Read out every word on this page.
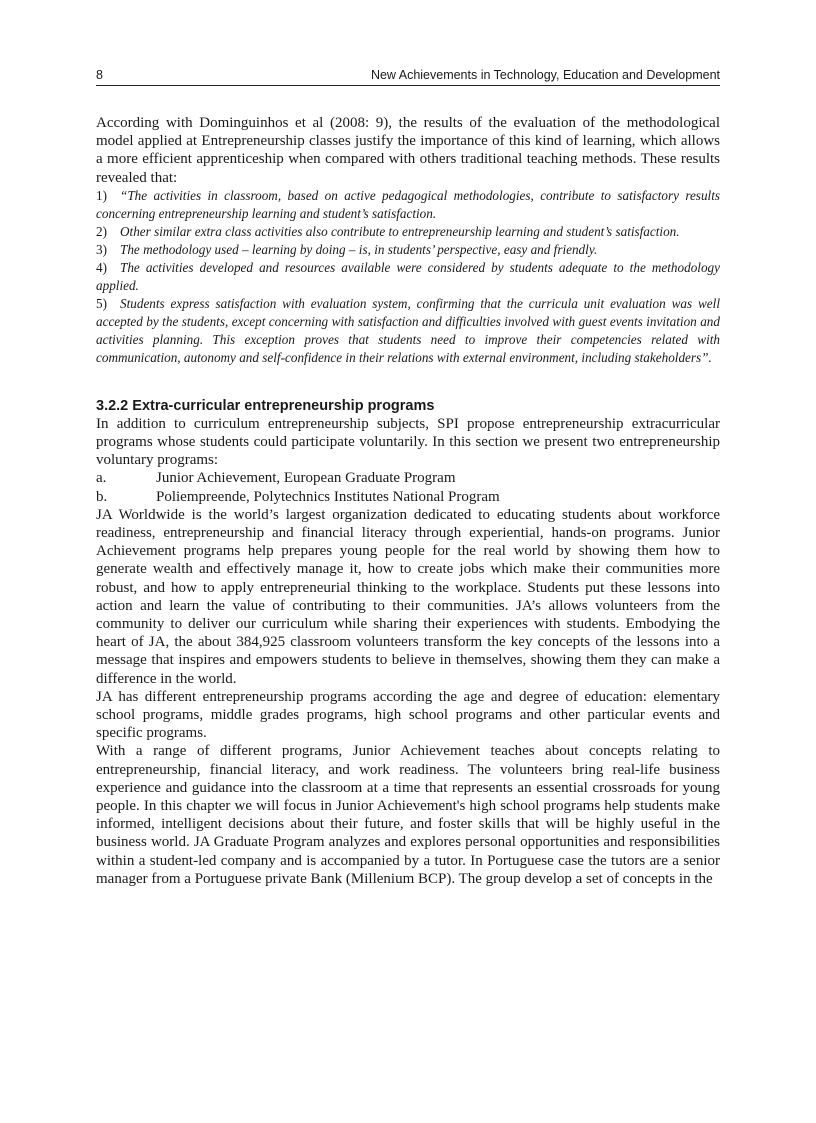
8	New Achievements in Technology, Education and Development

According with Dominguinhos et al (2008: 9), the results of the evaluation of the methodological model applied at Entrepreneurship classes justify the importance of this kind of learning, which allows a more efficient apprenticeship when compared with others traditional teaching methods. These results revealed that:

1) “The activities in classroom, based on active pedagogical methodologies, contribute to satisfactory results concerning entrepreneurship learning and student’s satisfaction.

2) Other similar extra class activities also contribute to entrepreneurship learning and student’s satisfaction.

3) The methodology used – learning by doing – is, in students’ perspective, easy and friendly.

4) The activities developed and resources available were considered by students adequate to the methodology applied.

5) Students express satisfaction with evaluation system, confirming that the curricula unit evaluation was well accepted by the students, except concerning with satisfaction and difficulties involved with guest events invitation and activities planning. This exception proves that students need to improve their competencies related with communication, autonomy and self-confidence in their relations with external environment, including stakeholders”.

3.2.2 Extra-curricular entrepreneurship programs

In addition to curriculum entrepreneurship subjects, SPI propose entrepreneurship extracurricular programs whose students could participate voluntarily. In this section we present two entrepreneurship voluntary programs:

a.	Junior Achievement, European Graduate Program
b.	Poliempreende, Polytechnics Institutes National Program

JA Worldwide is the world’s largest organization dedicated to educating students about workforce readiness, entrepreneurship and financial literacy through experiential, hands-on programs. Junior Achievement programs help prepares young people for the real world by showing them how to generate wealth and effectively manage it, how to create jobs which make their communities more robust, and how to apply entrepreneurial thinking to the workplace. Students put these lessons into action and learn the value of contributing to their communities. JA’s allows volunteers from the community to deliver our curriculum while sharing their experiences with students. Embodying the heart of JA, the about 384,925 classroom volunteers transform the key concepts of the lessons into a message that inspires and empowers students to believe in themselves, showing them they can make a difference in the world.

JA has different entrepreneurship programs according the age and degree of education: elementary school programs, middle grades programs, high school programs and other particular events and specific programs.

With a range of different programs, Junior Achievement teaches about concepts relating to entrepreneurship, financial literacy, and work readiness. The volunteers bring real-life business experience and guidance into the classroom at a time that represents an essential crossroads for young people. In this chapter we will focus in Junior Achievement's high school programs help students make informed, intelligent decisions about their future, and foster skills that will be highly useful in the business world. JA Graduate Program analyzes and explores personal opportunities and responsibilities within a student-led company and is accompanied by a tutor. In Portuguese case the tutors are a senior manager from a Portuguese private Bank (Millenium BCP). The group develop a set of concepts in the
